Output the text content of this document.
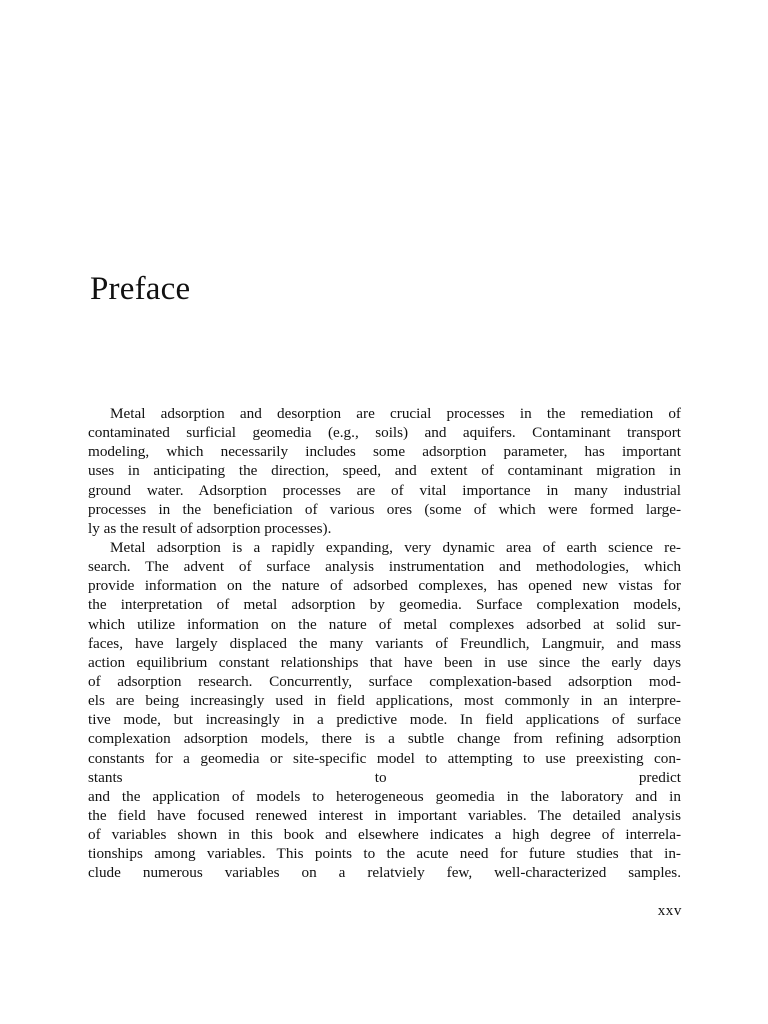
Preface

Metal adsorption and desorption are crucial processes in the remediation of
contaminated surficial geomedia (e.g., soils) and aquifers. Contaminant transport
modeling, which necessarily includes some adsorption parameter, has important
uses in anticipating the direction, speed, and extent of contaminant migration in
ground water. Adsorption processes are of vital importance in many industrial
processes in the beneficiation of various ores (some of which were formed large-
ly as the result of adsorption processes).

Metal adsorption is a rapidly expanding, very dynamic area of earth science re-
search. The advent of surface analysis instrumentation and methodologies, which
provide information on the nature of adsorbed complexes, has opened new vistas for
the interpretation of metal adsorption by geomedia. Surface complexation models,
which utilize information on the nature of metal complexes adsorbed at solid sur-
faces, have largely displaced the many variants of Freundlich, Langmuir, and mass
action equilibrium constant relationships that have been in use since the early days
of adsorption research. Concurrently, surface complexation-based adsorption mod-
els are being increasingly used in field applications, most commonly in an interpre-
tive mode, but increasingly in a predictive mode. In field applications of surface
complexation adsorption models, there is a subtle change from refining adsorption
constants for a geomedia or site-specific model to attempting to use preexisting con-
stants to predict
and the application of models to heterogeneous geomedia in the laboratory and in
the field have focused renewed interest in important variables. The detailed analysis
of variables shown in this book and elsewhere indicates a high degree of interrela-
tionships among variables. This points to the acute need for future studies that in-
clude numerous variables on a relatviely few, well-characterized samples.

xxv
